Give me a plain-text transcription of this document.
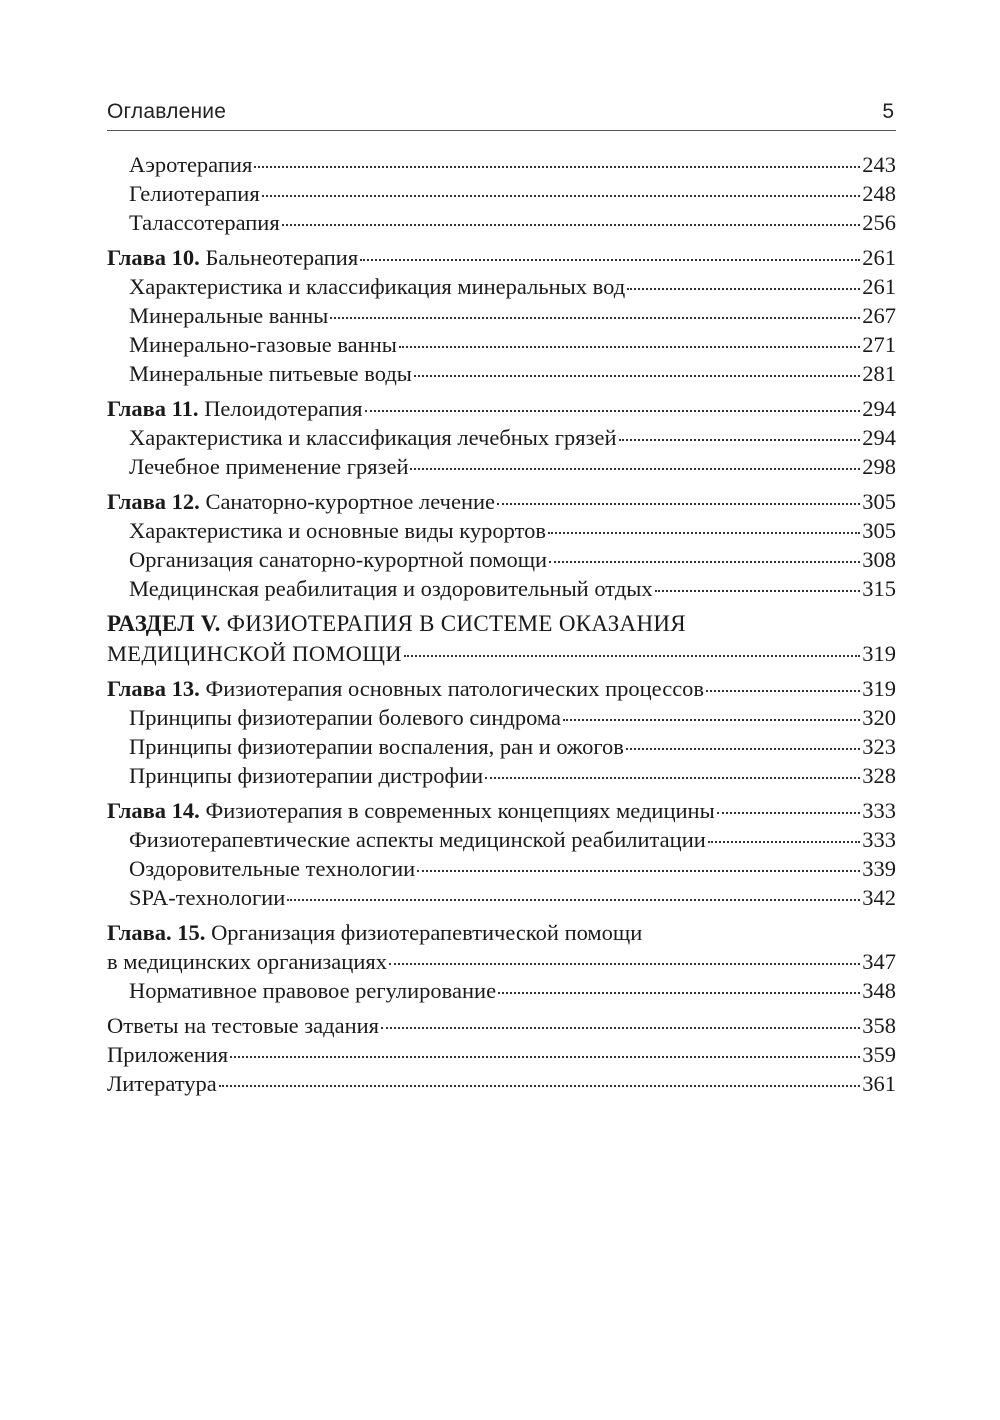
Оглавление	5
Аэротерапия	243
Гелиотерапия	248
Талассотерапия	256
Глава 10. Бальнеотерапия	261
Характеристика и классификация минеральных вод	261
Минеральные ванны	267
Минерально-газовые ванны	271
Минеральные питьевые воды	281
Глава 11. Пелоидотерапия	294
Характеристика и классификация лечебных грязей	294
Лечебное применение грязей	298
Глава 12. Санаторно-курортное лечение	305
Характеристика и основные виды курортов	305
Организация санаторно-курортной помощи	308
Медицинская реабилитация и оздоровительный отдых	315
РАЗДЕЛ V. ФИЗИОТЕРАПИЯ В СИСТЕМЕ ОКАЗАНИЯ
МЕДИЦИНСКОЙ ПОМОЩИ	319
Глава 13. Физиотерапия основных патологических процессов	319
Принципы физиотерапии болевого синдрома	320
Принципы физиотерапии воспаления, ран и ожогов	323
Принципы физиотерапии дистрофии	328
Глава 14. Физиотерапия в современных концепциях медицины	333
Физиотерапевтические аспекты медицинской реабилитации	333
Оздоровительные технологии	339
SPA-технологии	342
Глава. 15. Организация физиотерапевтической помощи
в медицинских организациях	347
Нормативное правовое регулирование	348
Ответы на тестовые задания	358
Приложения	359
Литература	361
